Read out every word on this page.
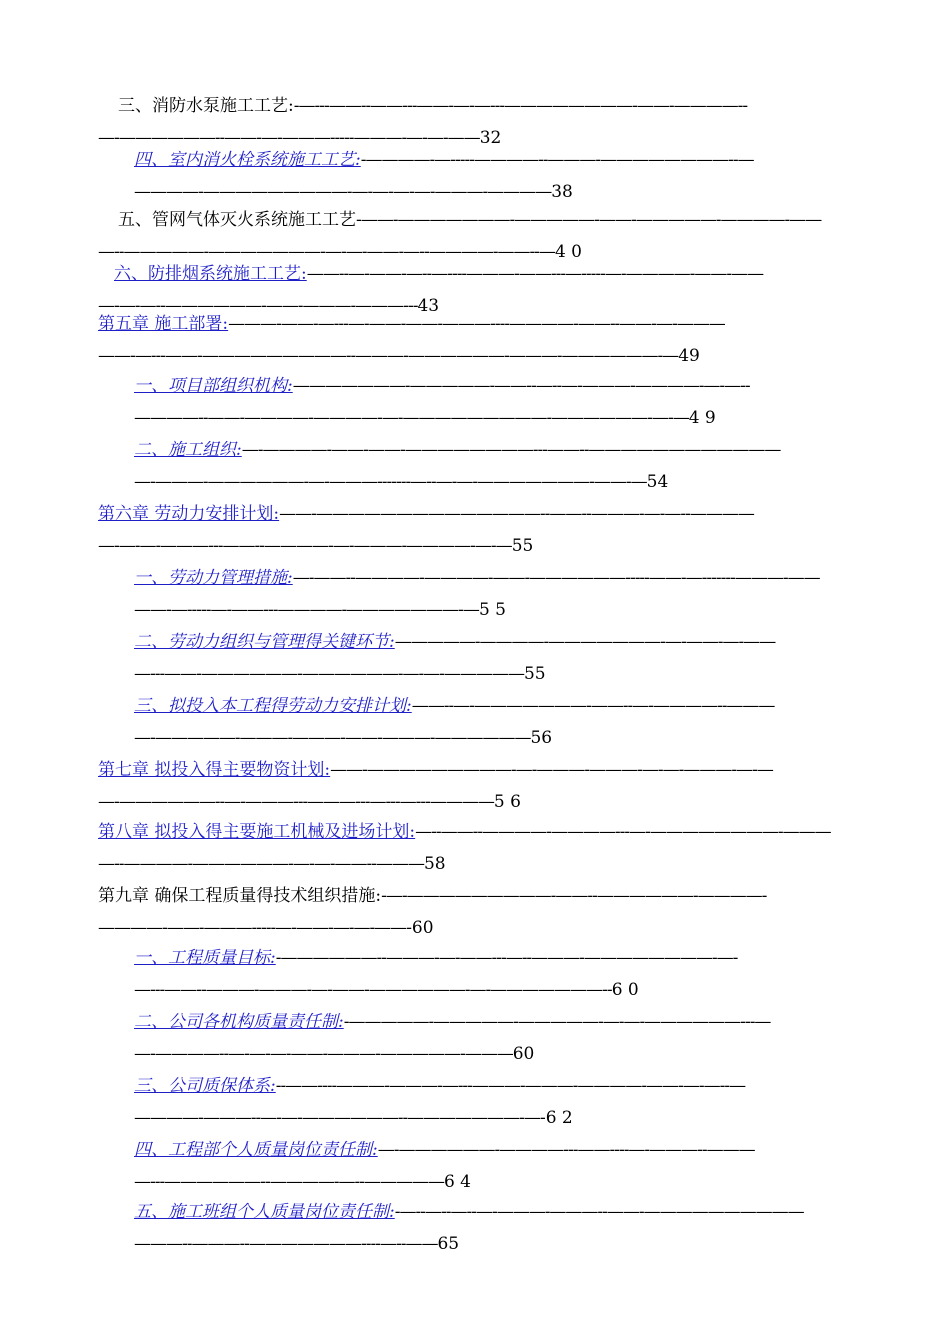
三、消防水泵施工工艺:-—---——--——---——-—-—---————————-——-————--
—-——————--——-—-———-----———-—-—-——32
四、室内消火栓系统施工工艺:-————-—-----————--———-————————--—
————-—————————-—-—-—-—-———-————38
五、管网气体灭火系统施工工艺-——-———————-—————-——-—————-————-——
—--—————-———————-—-—-——-—--————-——--—4 0
六、防排烟系统施工工艺:——--—-——-—--—----———-——---—-----—-————-——-——
—-—-—--——————-——-———-———---43
第五章 施工部署:———-——-—---—-——-——-———----————-——--——-—-———
——-—---——-—————————--———-——————-———-——————-—49
一、项目部组织机构:———————-—————-——--—--—-———-————-—-—--
————--——-————-————-—-—————————-——————-—-—4 9
二、施工组织:—-————-——-——-————————---——--————————————
—-———-——————-—-———-------—--—-—-———————-——-—54
第六章 劳动力安排计划:——-——————————————--——--———-—-—--————
—-—-—-———---——--————-—-———-————-—-—55
一、劳动力管理措施:—-——--————-————-——-——————-----——-—-------———-——
——-—-----—-——---————-———————-—5 5
二、劳动力组织与管理得关键环节:—————-————-———————-—-——-—-——
—---——-——————-——————-—-—-—————55
三、拟投入本工程得劳动力安排计划:——--—-———————-——--—-————--———
—-—————-———-———-——-———-——————56
第七章 拟投入得主要物资计划:——-—————————-—-———-———-—-—-———-—-—
—-——————--—-———---———---—---—---————5 6
第八章 拟投入得主要施工机械及进场计划:—--——--————-————---—-————————-———
—--————-——————-—-—-——--———58
第九章 确保工程质量得技术组织措施:-—-—————————-——--——————-————-
————-——-———-----—-——-—-—-——-60
一、工程质量目标:-——————--———-—-——---—--———-————————-—-
—---——--———-———-—-——-——————-—-———————--6 0
二、公司各机构质量责任制:-—————-—————-—————-—-—-——————---—
—-————--—-—-—-——-———-—————-———60
三、公司质保体系:--——----———-———-—---———-———-————-——-—-—--—
————-———--—-—-——————--———————-—-6 2
四、工程部个人质量岗位责任制:—-——————-————---——----—-———--———
—---——————--————-—--—————6 4
五、施工班组个人质量岗位责任制:-—--—--—--—-———-———--——-——————————
———--———--———————----—--——65
